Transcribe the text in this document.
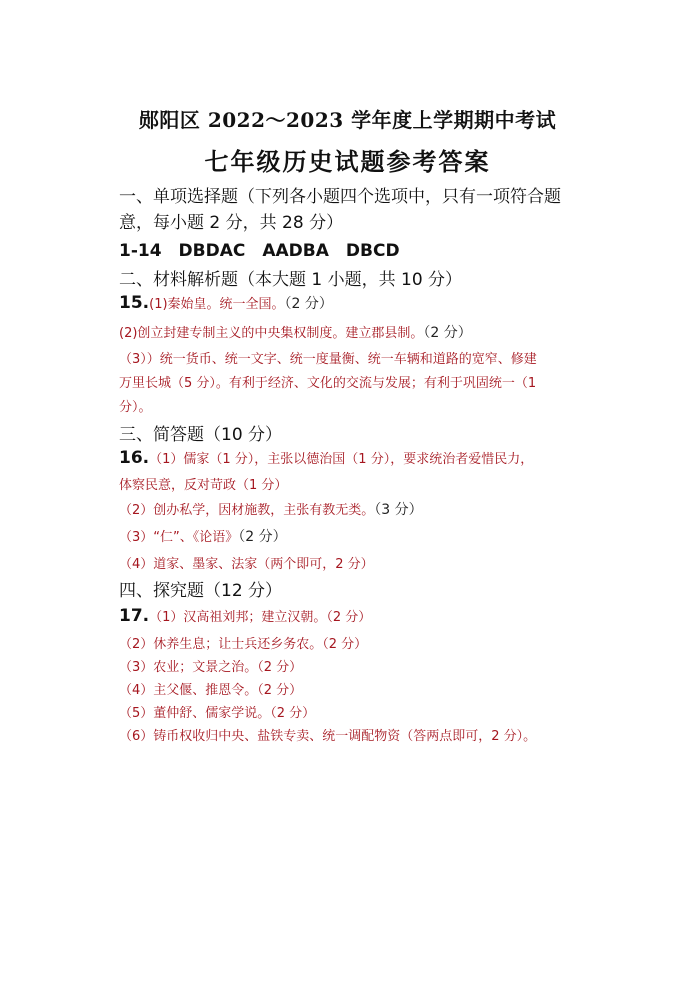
郧阳区 2022～2023 学年度上学期期中考试
七年级历史试题参考答案
一、单项选择题（下列各小题四个选项中，只有一项符合题
意，每小题 2 分，共 28 分）
1-14　DBDAC　AADBA　DBCD
二、材料解析题（本大题 1 小题，共 10 分）
15.(1)秦始皇。统一全国。（2 分）
(2)创立封建专制主义的中央集权制度。建立郡县制。（2 分）
（3））统一货币、统一文字、统一度量衡、统一车辆和道路的宽窄、修建
万里长城（5 分）。有利于经济、文化的交流与发展；有利于巩固统一（1
分）。
三、简答题（10 分）
16.（1）儒家（1 分），主张以德治国（1 分），要求统治者爱惜民力，
体察民意，反对苛政（1 分）
（2）创办私学，因材施教，主张有教无类。（3 分）
（3）“仁”、《论语》（2 分）
（4）道家、墨家、法家（两个即可，2 分）
四、探究题（12 分）
17.（1）汉高祖刘邦；建立汉朝。（2 分）
（2）休养生息；让士兵还乡务农。（2 分）
（3）农业；文景之治。（2 分）
（4）主父偃、推恩令。（2 分）
（5）董仲舒、儒家学说。（2 分）
（6）铸币权收归中央、盐铁专卖、统一调配物资（答两点即可，2 分）。
